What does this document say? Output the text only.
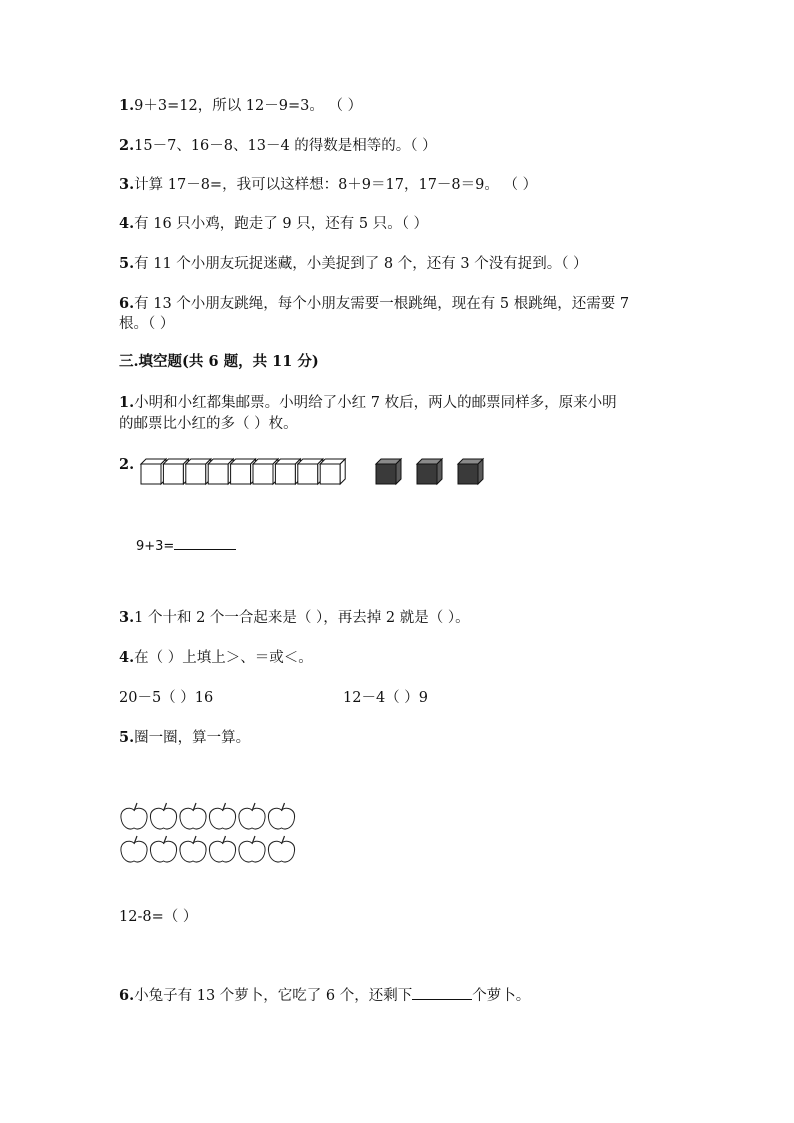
1.9＋3=12，所以 12－9=3。 （ ）
2.15－7、16－8、13－4 的得数是相等的。（ ）
3.计算 17－8=，我可以这样想：8＋9＝17，17－8＝9。 （ ）
4.有 16 只小鸡，跑走了 9 只，还有 5 只。（ ）
5.有 11 个小朋友玩捉迷藏，小美捉到了 8 个，还有 3 个没有捉到。（ ）
6.有 13 个小朋友跳绳，每个小朋友需要一根跳绳，现在有 5 根跳绳，还需要 7
根。（ ）
三.填空题(共 6 题，共 11 分)
1.小明和小红都集邮票。小明给了小红 7 枚后，两人的邮票同样多，原来小明
的邮票比小红的多（ ）枚。
2.
9+3=
3.1 个十和 2 个一合起来是（ ），再去掉 2 就是（ ）。
4.在（ ）上填上＞、＝或＜。
20－5（ ）16	12－4（ ）9
5.圈一圈，算一算。
12-8=（ ）
6.小兔子有 13 个萝卜，它吃了 6 个，还剩下	个萝卜。
